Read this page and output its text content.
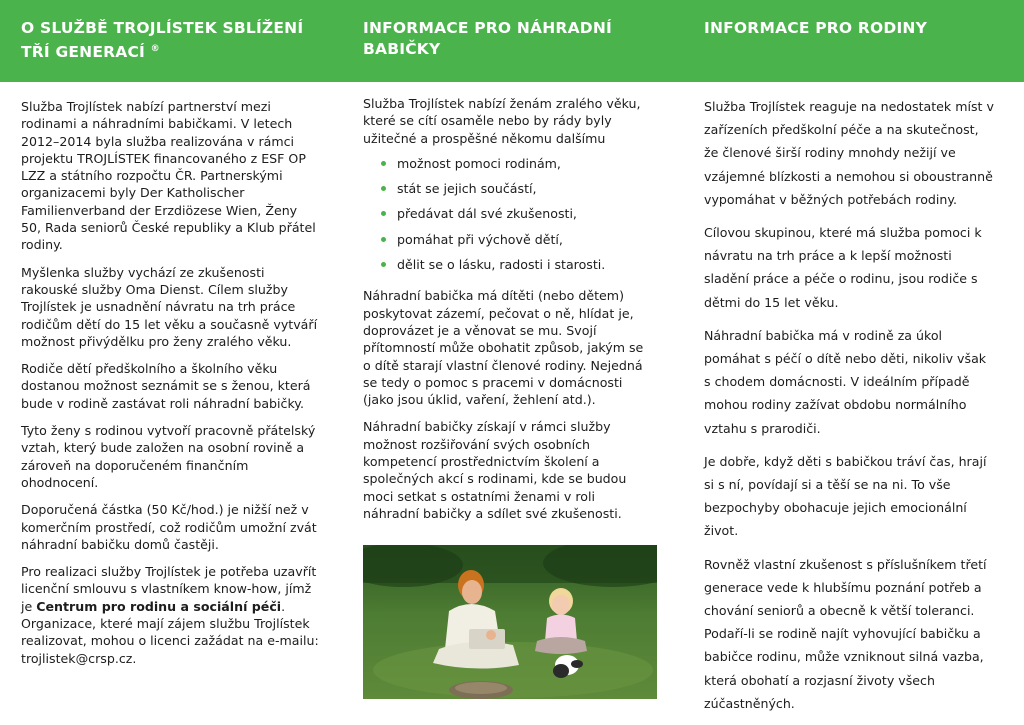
O SLUŽBĚ TROJLÍSTEK SBLÍŽENÍ
TŘÍ GENERACÍ ®
INFORMACE PRO NÁHRADNÍ
BABIČKY
INFORMACE PRO RODINY

Služba Trojlístek nabízí partnerství mezi rodinami a náhradními babičkami. V letech 2012–2014 byla služba realizována v rámci projektu TROJLÍSTEK financovaného z ESF OP LZZ a státního rozpočtu ČR. Partnerskými organizacemi byly Der Katholischer Familienverband der Erzdiözese Wien, Ženy 50, Rada seniorů České republiky a Klub přátel rodiny.

Myšlenka služby vychází ze zkušenosti rakouské služby Oma Dienst. Cílem služby Trojlístek je usnadnění návratu na trh práce rodičům dětí do 15 let věku a současně vytváří možnost přivýdělku pro ženy zralého věku.

Rodiče dětí předškolního a školního věku dostanou možnost seznámit se s ženou, která bude v rodině zastávat roli náhradní babičky.

Tyto ženy s rodinou vytvoří pracovně přátelský vztah, který bude založen na osobní rovině a zároveň na doporučeném finančním ohodnocení.

Doporučená částka (50 Kč/hod.) je nižší než v komerčním prostředí, což rodičům umožní zvát náhradní babičku domů častěji.

Pro realizaci služby Trojlístek je potřeba uzavřít licenční smlouvu s vlastníkem know-how, jímž je Centrum pro rodinu a sociální péči. Organizace, které mají zájem službu Trojlístek realizovat, mohou o licenci zažádat na e-mailu: trojlistek@crsp.cz.

Služba Trojlístek nabízí ženám zralého věku, které se cítí osaměle nebo by rády byly užitečné a prospěšné někomu dalšímu

možnost pomoci rodinám,
stát se jejich součástí,
předávat dál své zkušenosti,
pomáhat při výchově dětí,
dělit se o lásku, radosti i starosti.

Náhradní babička má dítěti (nebo dětem) poskytovat zázemí, pečovat o ně, hlídat je, doprovázet je a věnovat se mu. Svojí přítomností může obohatit způsob, jakým se o dítě starají vlastní členové rodiny. Nejedná se tedy o pomoc s pracemi v domácnosti (jako jsou úklid, vaření, žehlení atd.).

Náhradní babičky získají v rámci služby možnost rozšiřování svých osobních kompetencí prostřednictvím školení a společných akcí s rodinami, kde se budou moci setkat s ostatními ženami v roli náhradní babičky a sdílet své zkušenosti.

Služba Trojlístek reaguje na nedostatek míst v zařízeních předškolní péče a na skutečnost, že členové širší rodiny mnohdy nežijí ve vzájemné blízkosti a nemohou si oboustranně vypomáhat v běžných potřebách rodiny.

Cílovou skupinou, které má služba pomoci k návratu na trh práce a k lepší možnosti sladění práce a péče o rodinu, jsou rodiče s dětmi do 15 let věku.

Náhradní babička má v rodině za úkol pomáhat s péčí o dítě nebo děti, nikoliv však s chodem domácnosti. V ideálním případě mohou rodiny zažívat obdobu normálního vztahu s prarodiči.

Je dobře, když děti s babičkou tráví čas, hrají si s ní, povídají si a těší se na ni. To vše bezpochyby obohacuje jejich emocionální život.

Rovněž vlastní zkušenost s příslušníkem třetí generace vede k hlubšímu poznání potřeb a chování seniorů a obecně k větší toleranci. Podaří-li se rodině najít vyhovující babičku a babičce rodinu, může vzniknout silná vazba, která obohatí a rozjasní životy všech zúčastněných.
